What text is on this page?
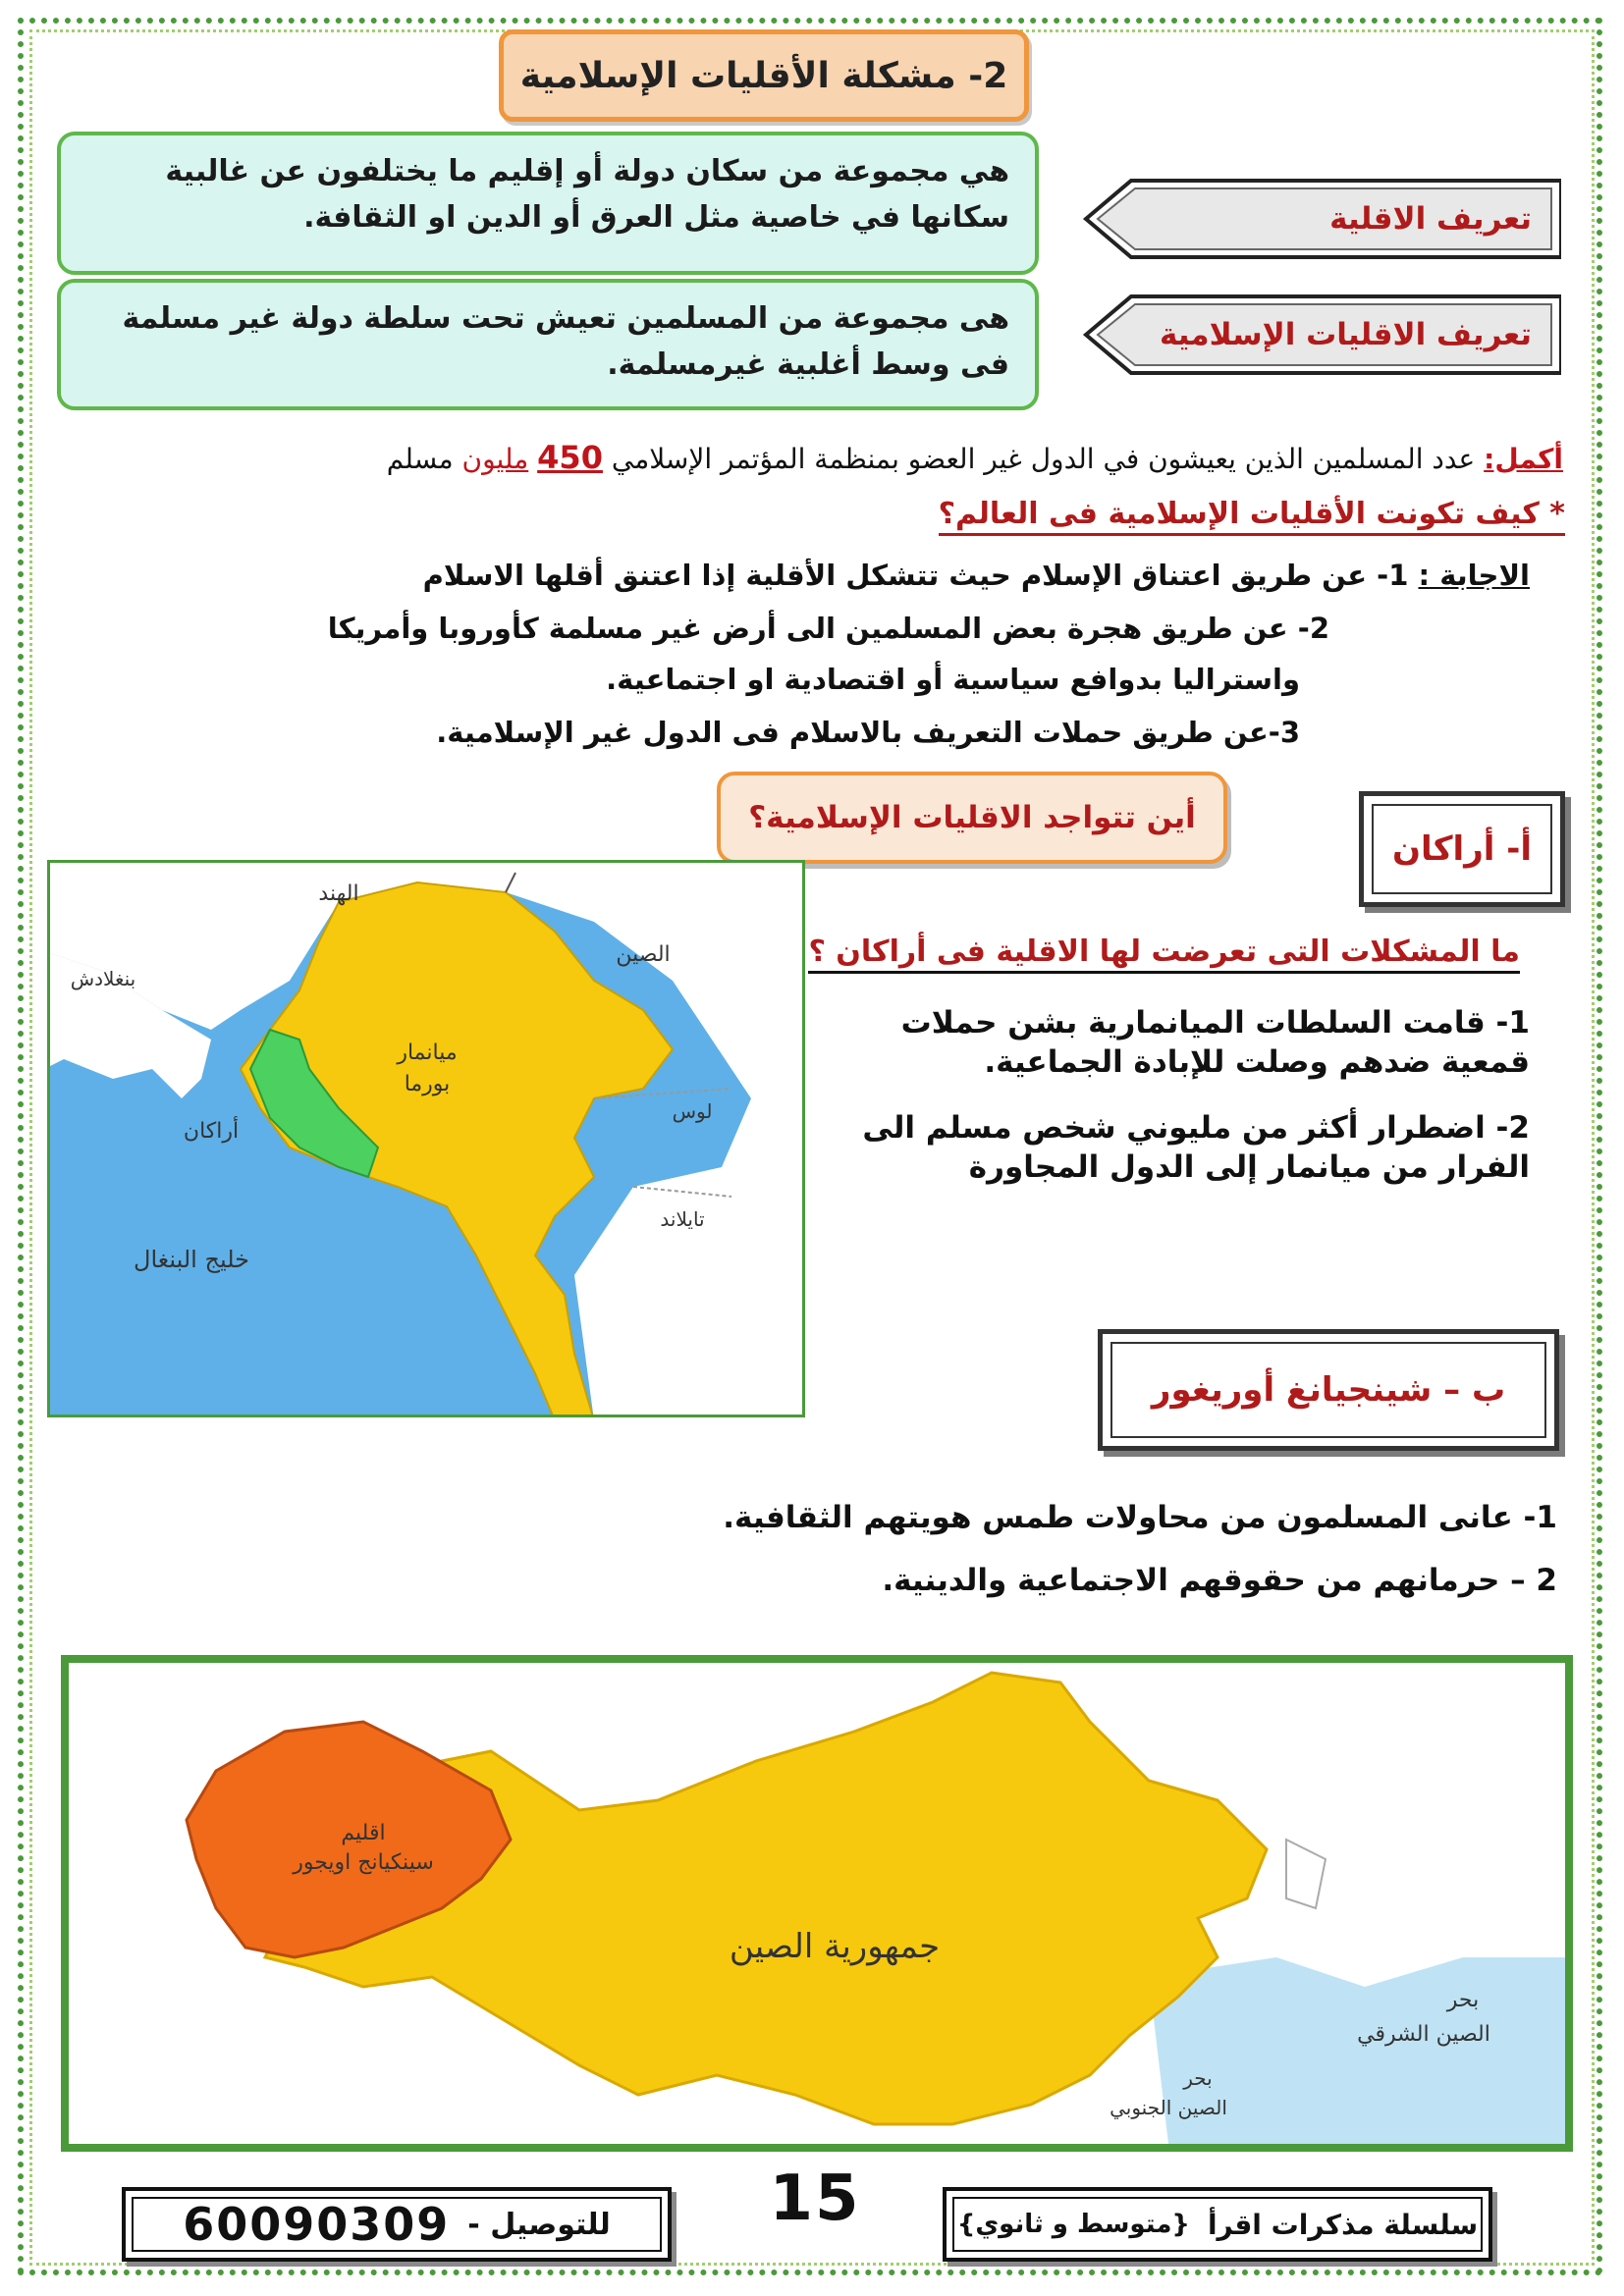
2- مشكلة الأقليات الإسلامية
هي مجموعة من سكان دولة أو إقليم ما يختلفون عن غالبية سكانها في خاصية مثل العرق أو الدين او الثقافة.	تعريف الاقلية
هى مجموعة من المسلمين تعيش تحت سلطة دولة غير مسلمة فى وسط أغلبية غيرمسلمة.
تعريف الاقليات الإسلامية
أكمل: عدد المسلمين الذين يعيشون في الدول غير العضو بمنظمة المؤتمر الإسلامي 450 مليون مسلم
* كيف تكونت الأقليات الإسلامية فى العالم؟
الاجابة : 1- عن طريق اعتناق الإسلام حيث تتشكل الأقلية إذا اعتنق أقلها الاسلام
2- عن طريق هجرة بعض المسلمين الى أرض غير مسلمة كأوروبا وأمريكا
واستراليا بدوافع سياسية أو اقتصادية او اجتماعية.
3-عن طريق حملات التعريف بالاسلام فى الدول غير الإسلامية.
أين تتواجد الاقليات الإسلامية؟
أ- أراكان
الهند
الصين
بنغلادش
ميانمار
بورما
لوس
أراكان
تايلاند
خليج البنغال
ما المشكلات التى تعرضت لها الاقلية فى أراكان ؟

1- قامت السلطات الميانمارية بشن حملات قمعية ضدهم وصلت للإبادة الجماعية.

2- اضطرار أكثر من مليوني شخص مسلم الى الفرار من ميانمار إلى الدول المجاورة

ب – شينجيانغ أوريغور

1- عانى المسلمون من محاولات طمس هويتهم الثقافية.

2 – حرمانهم من حقوقهم الاجتماعية والدينية.

اقليم
سينكيانج اويجور
جمهورية الصين
بحر
الصين الشرقي
بحر
الصين الجنوبي
سلسلة مذكرات اقرأ
{متوسط و ثانوي}
15
للتوصيل -
60090309
